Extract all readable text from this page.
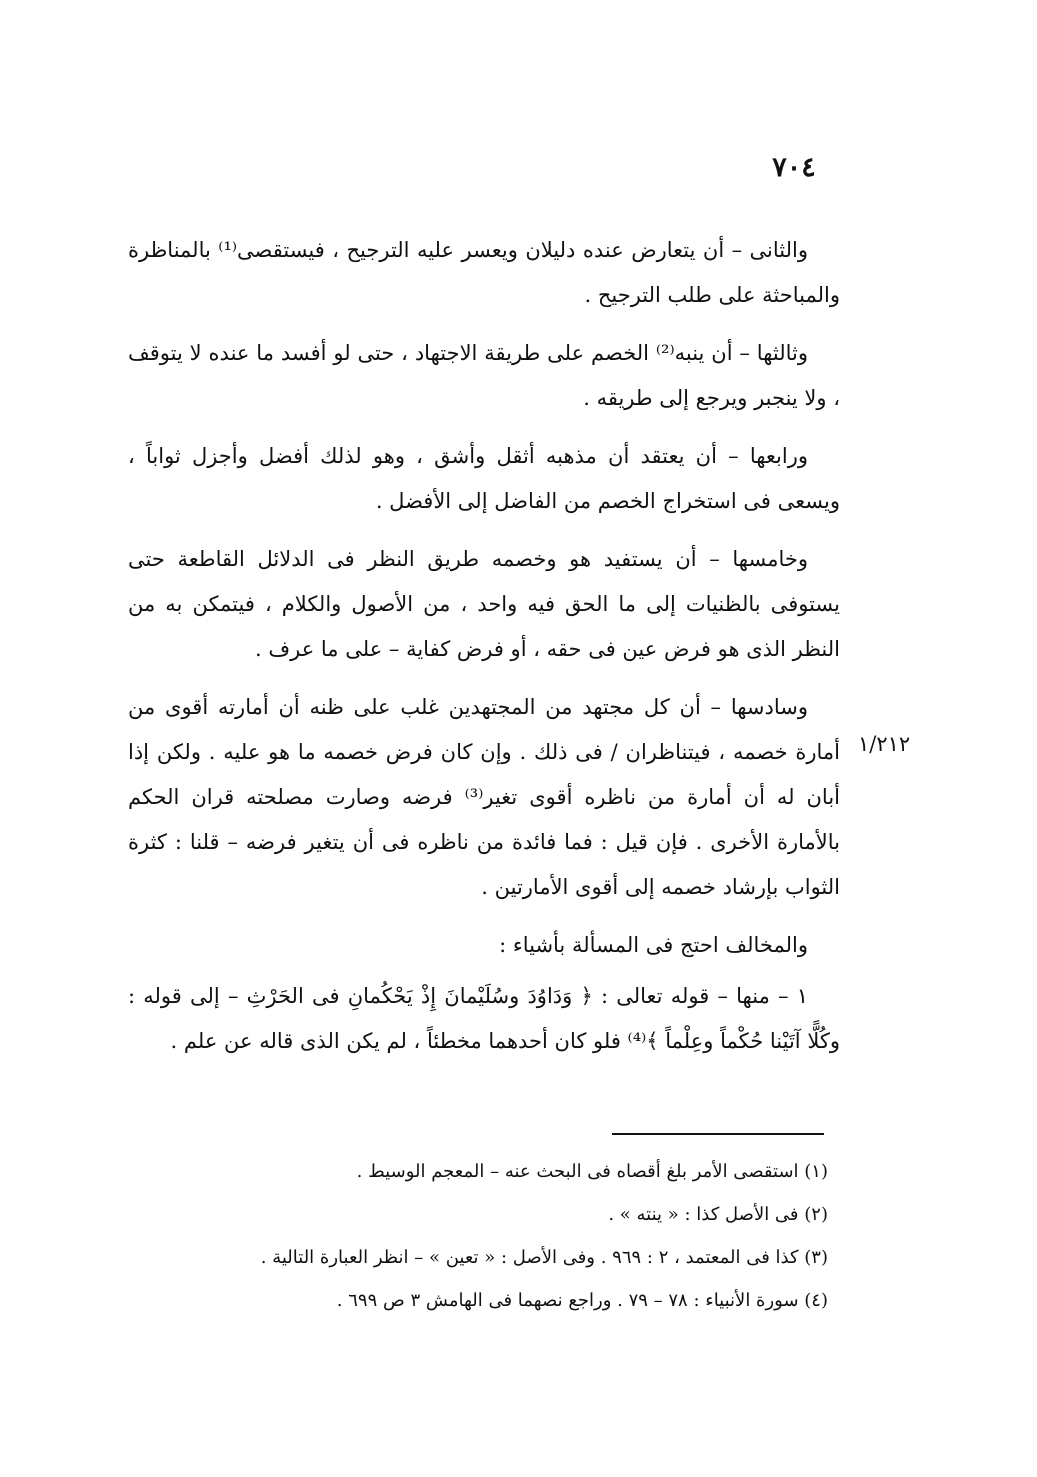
٧٠٤

والثانى – أن يتعارض عنده دليلان ويعسر عليه الترجيح ، فيستقصى⁽¹⁾ بالمناظرة والمباحثة على طلب الترجيح .

وثالثها – أن ينبه⁽²⁾ الخصم على طريقة الاجتهاد ، حتى لو أفسد ما عنده لا يتوقف ، ولا ينجبر ويرجع إلى طريقه .

ورابعها – أن يعتقد أن مذهبه أثقل وأشق ، وهو لذلك أفضل وأجزل ثواباً ، ويسعى فى استخراج الخصم من الفاضل إلى الأفضل .

وخامسها – أن يستفيد هو وخصمه طريق النظر فى الدلائل القاطعة حتى يستوفى بالظنيات إلى ما الحق فيه واحد ، من الأصول والكلام ، فيتمكن به من النظر الذى هو فرض عين فى حقه ، أو فرض كفاية – على ما عرف .

وسادسها – أن كل مجتهد من المجتهدين غلب على ظنه أن أمارته أقوى من أمارة خصمه ، فيتناظران / فى ذلك . وإن كان فرض خصمه ما هو عليه . ولكن إذا أبان له أن أمارة من ناظره أقوى تغير⁽³⁾ فرضه وصارت مصلحته قران الحكم بالأمارة الأخرى . فإن قيل : فما فائدة من ناظره فى أن يتغير فرضه – قلنا : كثرة الثواب بإرشاد خصمه إلى أقوى الأمارتين .

والمخالف احتج فى المسألة بأشياء :

١ – منها – قوله تعالى : ﴿ وَدَاوُدَ وسُلَيْمانَ إِذْ يَحْكُمانِ فى الحَرْثِ – إلى قوله : وكُلًّا آتَيْنا حُكْماً وعِلْماً ﴾⁽⁴⁾ فلو كان أحدهما مخطئاً ، لم يكن الذى قاله عن علم .

١/٢١٢

(١) استقصى الأمر بلغ أقصاه فى البحث عنه – المعجم الوسيط .

(٢) فى الأصل كذا : « ينته » .

(٣) كذا فى المعتمد ، ٢ : ٩٦٩ . وفى الأصل : « تعين » – انظر العبارة التالية .

(٤) سورة الأنبياء : ٧٨ – ٧٩ . وراجع نصهما فى الهامش ٣ ص ٦٩٩ .
